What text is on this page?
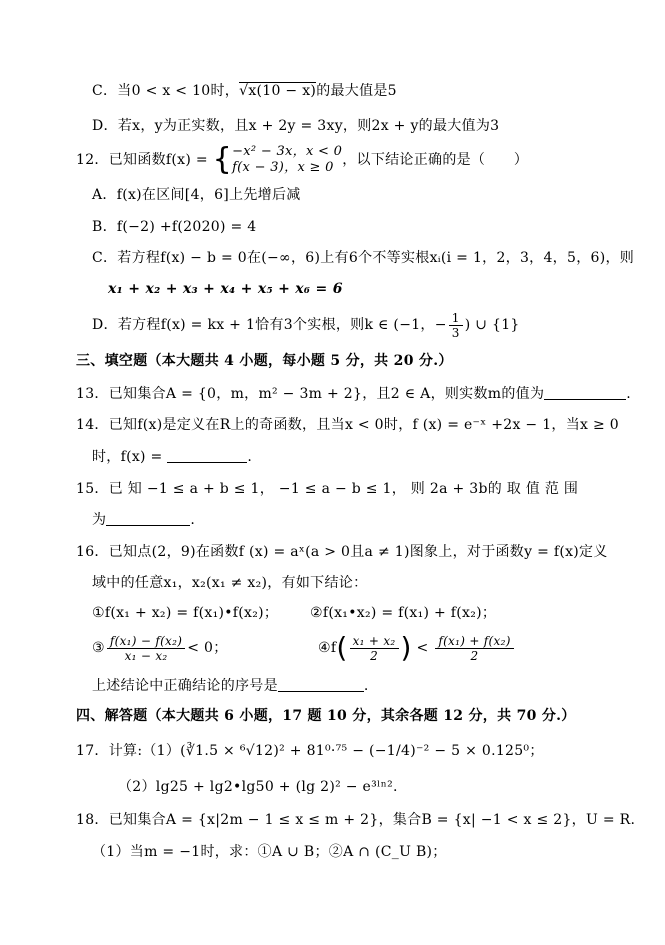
C．当0 < x < 10时，√x(10 − x)的最大值是5
D．若x，y为正实数，且x + 2y = 3xy，则2x + y的最大值为3
12．已知函数f(x) = { −x² − 3x，x < 0
f(x − 3)，x ≥ 0 ，以下结论正确的是（　　）
A．f(x)在区间[4，6]上先增后减
B．f(−2) +f(2020) = 4
C．若方程f(x) − b = 0在(−∞，6)上有6个不等实根xᵢ(i = 1，2，3，4，5，6)，则
x₁ + x₂ + x₃ + x₄ + x₅ + x₆ = 6
D．若方程f(x) = kx + 1恰有3个实根，则k ∈ (−1，− $\frac{1}{3}$ ) ∪ {1}
三、填空题（本大题共 4 小题，每小题 5 分，共 20 分.）
13．已知集合A = {0，m，m² − 3m + 2}，且2 ∈ A，则实数m的值为	.
14．已知f(x)是定义在R上的奇函数，且当x < 0时，f (x) = e⁻ˣ +2x − 1，当x ≥ 0
时，f(x) =	.
15．已 知 −1 ≤ a + b ≤ 1， −1 ≤ a − b ≤ 1， 则 2a + 3b的 取 值 范 围
为	.
16．已知点(2，9)在函数f (x) = aˣ(a > 0且a ≠ 1)图象上，对于函数y = f(x)定义
域中的任意x₁，x₂(x₁ ≠ x₂)，有如下结论：
①f(x₁ + x₂) = f(x₁)•f(x₂)； ②f(x₁•x₂) = f(x₁) + f(x₂)；
③ $\frac{\text{f(x₁) − f(x₂)}}{\text{x₁ − x₂}} < 0$；	④f( $\frac{\text{x₁ + x₂}}{2}$ ) < $\frac{\text{f(x₁) + f(x₂)}}{2}$
上述结论中正确结论的序号是	.
四、解答题（本大题共 6 小题，17 题 10 分，其余各题 12 分，共 70 分.）
17．计算:（1）(∛1.5 × ⁶√12)² + 81⁰·⁷⁵ − (−1/4)⁻² − 5 × 0.125⁰；
（2）lg25 + lg2•lg50 + (lg 2)² − e³ˡⁿ².
18．已知集合A = {x|2m − 1 ≤ x ≤ m + 2}，集合B = {x| −1 < x ≤ 2}，U = R.
（1）当m = −1时，求：①A ∪ B；②A ∩ (C_U B)；
